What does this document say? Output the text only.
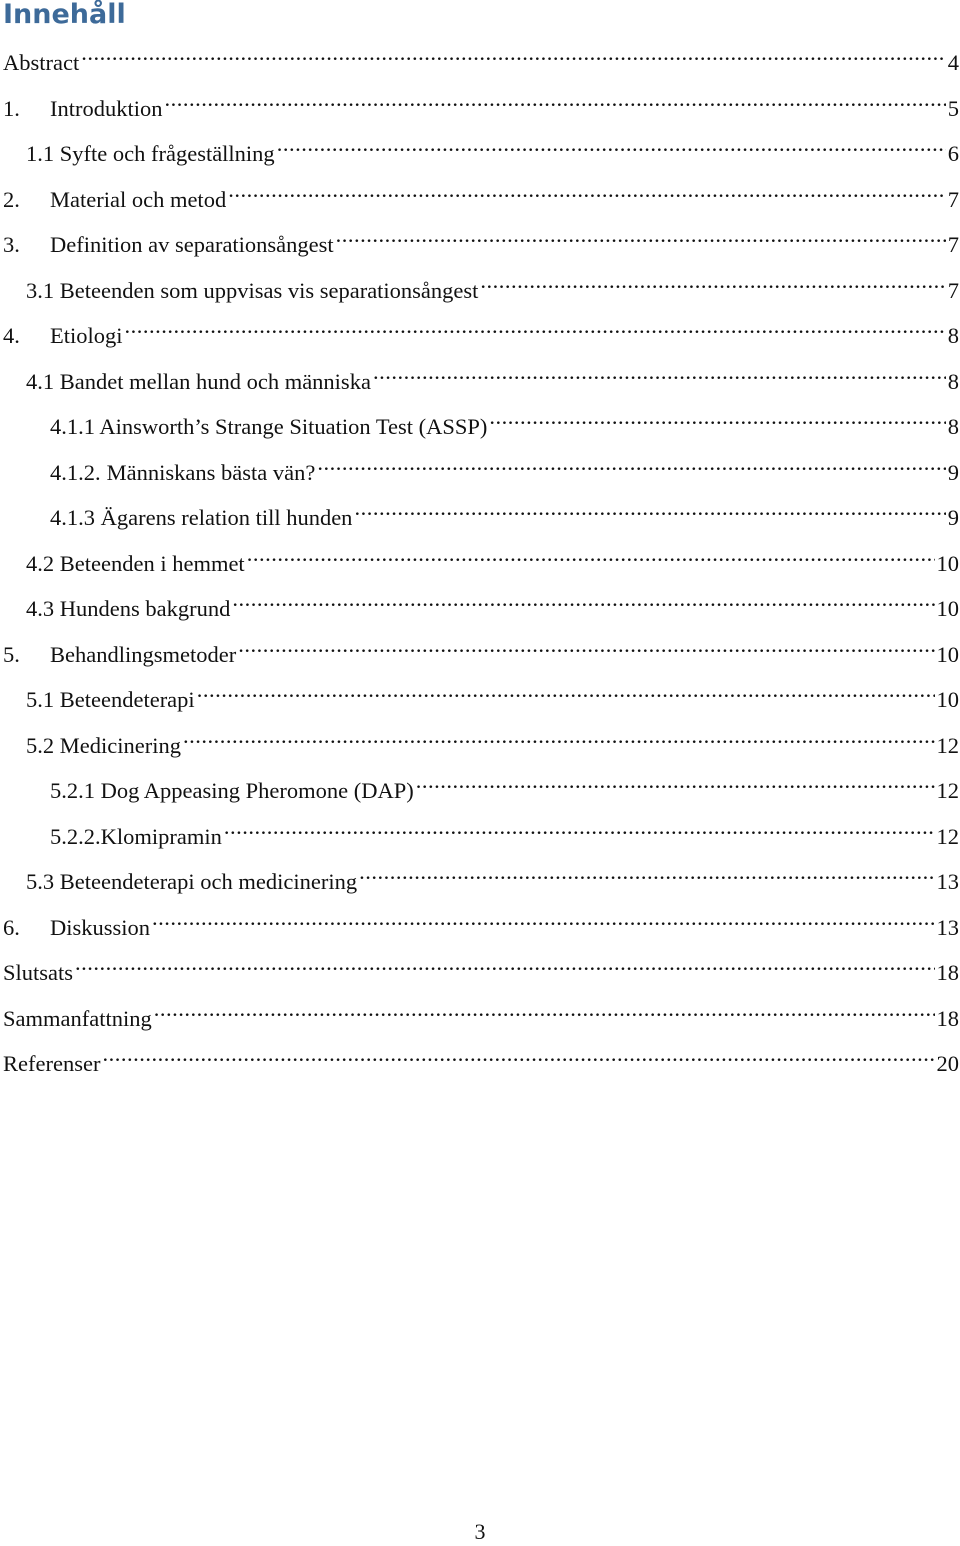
Innehåll
Abstract .....	4
1.	Introduktion .....	5
1.1 Syfte och frågeställning .....	6
2.	Material och metod .....	7
3.	Definition av separationsångest .....	7
3.1 Beteenden som uppvisas vis separationsångest .....	7
4.	Etiologi .....	8
4.1 Bandet mellan hund och människa .....	8
4.1.1 Ainsworth’s Strange Situation Test (ASSP) .....	8
4.1.2. Människans bästa vän? .....	9
4.1.3 Ägarens relation till hunden .....	9
4.2 Beteenden i hemmet .....	10
4.3 Hundens bakgrund .....	10
5.	Behandlingsmetoder .....	10
5.1 Beteendeterapi .....	10
5.2 Medicinering .....	12
5.2.1 Dog Appeasing Pheromone (DAP) .....	12
5.2.2.Klomipramin .....	12
5.3 Beteendeterapi och medicinering .....	13
6.	Diskussion .....	13
Slutsats .....	18
Sammanfattning .....	18
Referenser .....	20
3
